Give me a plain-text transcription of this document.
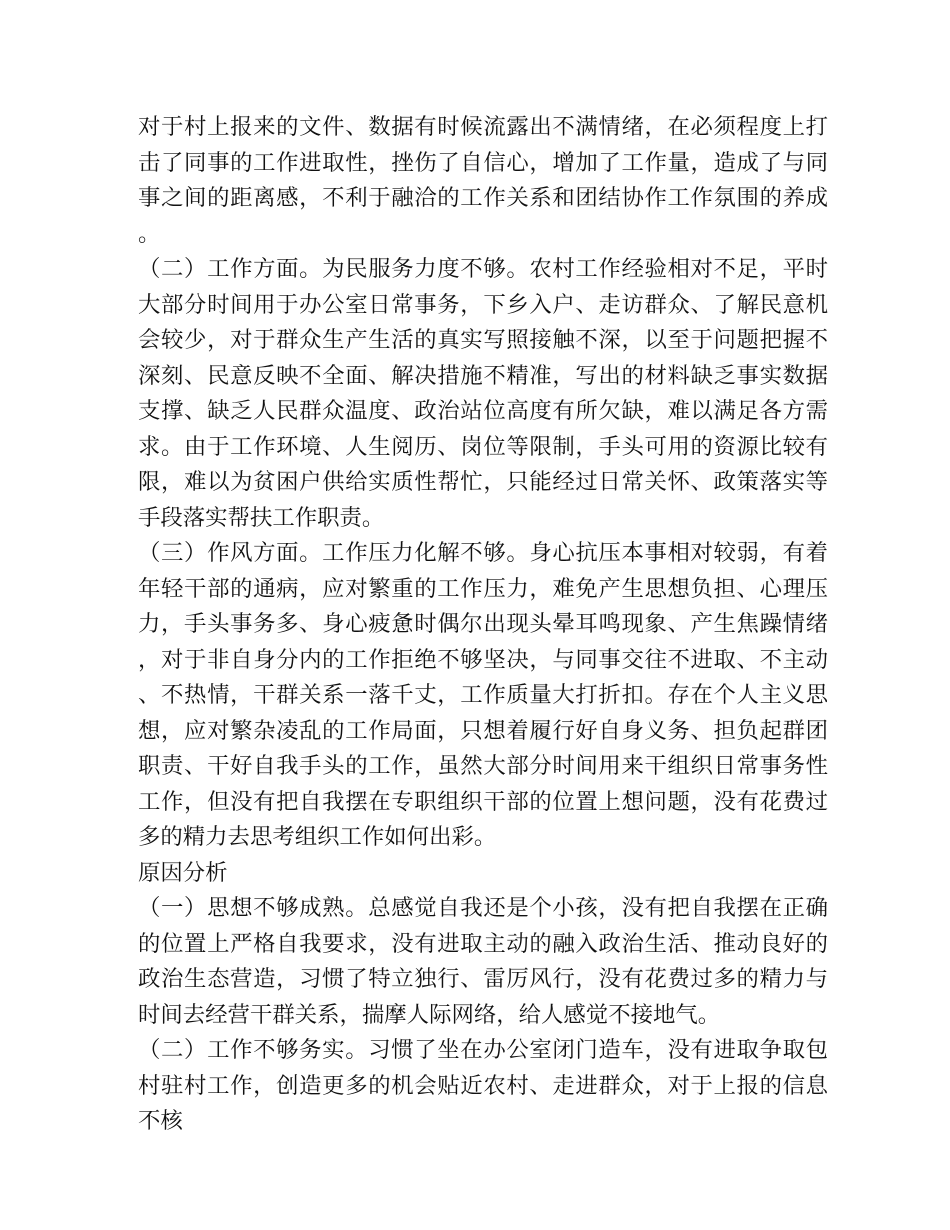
对于村上报来的文件、数据有时候流露出不满情绪，在必须程度上打击了同事的工作进取性，挫伤了自信心，增加了工作量，造成了与同事之间的距离感，不利于融洽的工作关系和团结协作工作氛围的养成。

（二）工作方面。为民服务力度不够。农村工作经验相对不足，平时大部分时间用于办公室日常事务，下乡入户、走访群众、了解民意机会较少，对于群众生产生活的真实写照接触不深，以至于问题把握不深刻、民意反映不全面、解决措施不精准，写出的材料缺乏事实数据支撑、缺乏人民群众温度、政治站位高度有所欠缺，难以满足各方需求。由于工作环境、人生阅历、岗位等限制，手头可用的资源比较有限，难以为贫困户供给实质性帮忙，只能经过日常关怀、政策落实等手段落实帮扶工作职责。

（三）作风方面。工作压力化解不够。身心抗压本事相对较弱，有着年轻干部的通病，应对繁重的工作压力，难免产生思想负担、心理压力，手头事务多、身心疲惫时偶尔出现头晕耳鸣现象、产生焦躁情绪，对于非自身分内的工作拒绝不够坚决，与同事交往不进取、不主动、不热情，干群关系一落千丈，工作质量大打折扣。存在个人主义思想，应对繁杂凌乱的工作局面，只想着履行好自身义务、担负起群团职责、干好自我手头的工作，虽然大部分时间用来干组织日常事务性工作，但没有把自我摆在专职组织干部的位置上想问题，没有花费过多的精力去思考组织工作如何出彩。

原因分析

（一）思想不够成熟。总感觉自我还是个小孩，没有把自我摆在正确的位置上严格自我要求，没有进取主动的融入政治生活、推动良好的政治生态营造，习惯了特立独行、雷厉风行，没有花费过多的精力与时间去经营干群关系，揣摩人际网络，给人感觉不接地气。

（二）工作不够务实。习惯了坐在办公室闭门造车，没有进取争取包村驻村工作，创造更多的机会贴近农村、走进群众，对于上报的信息不核
